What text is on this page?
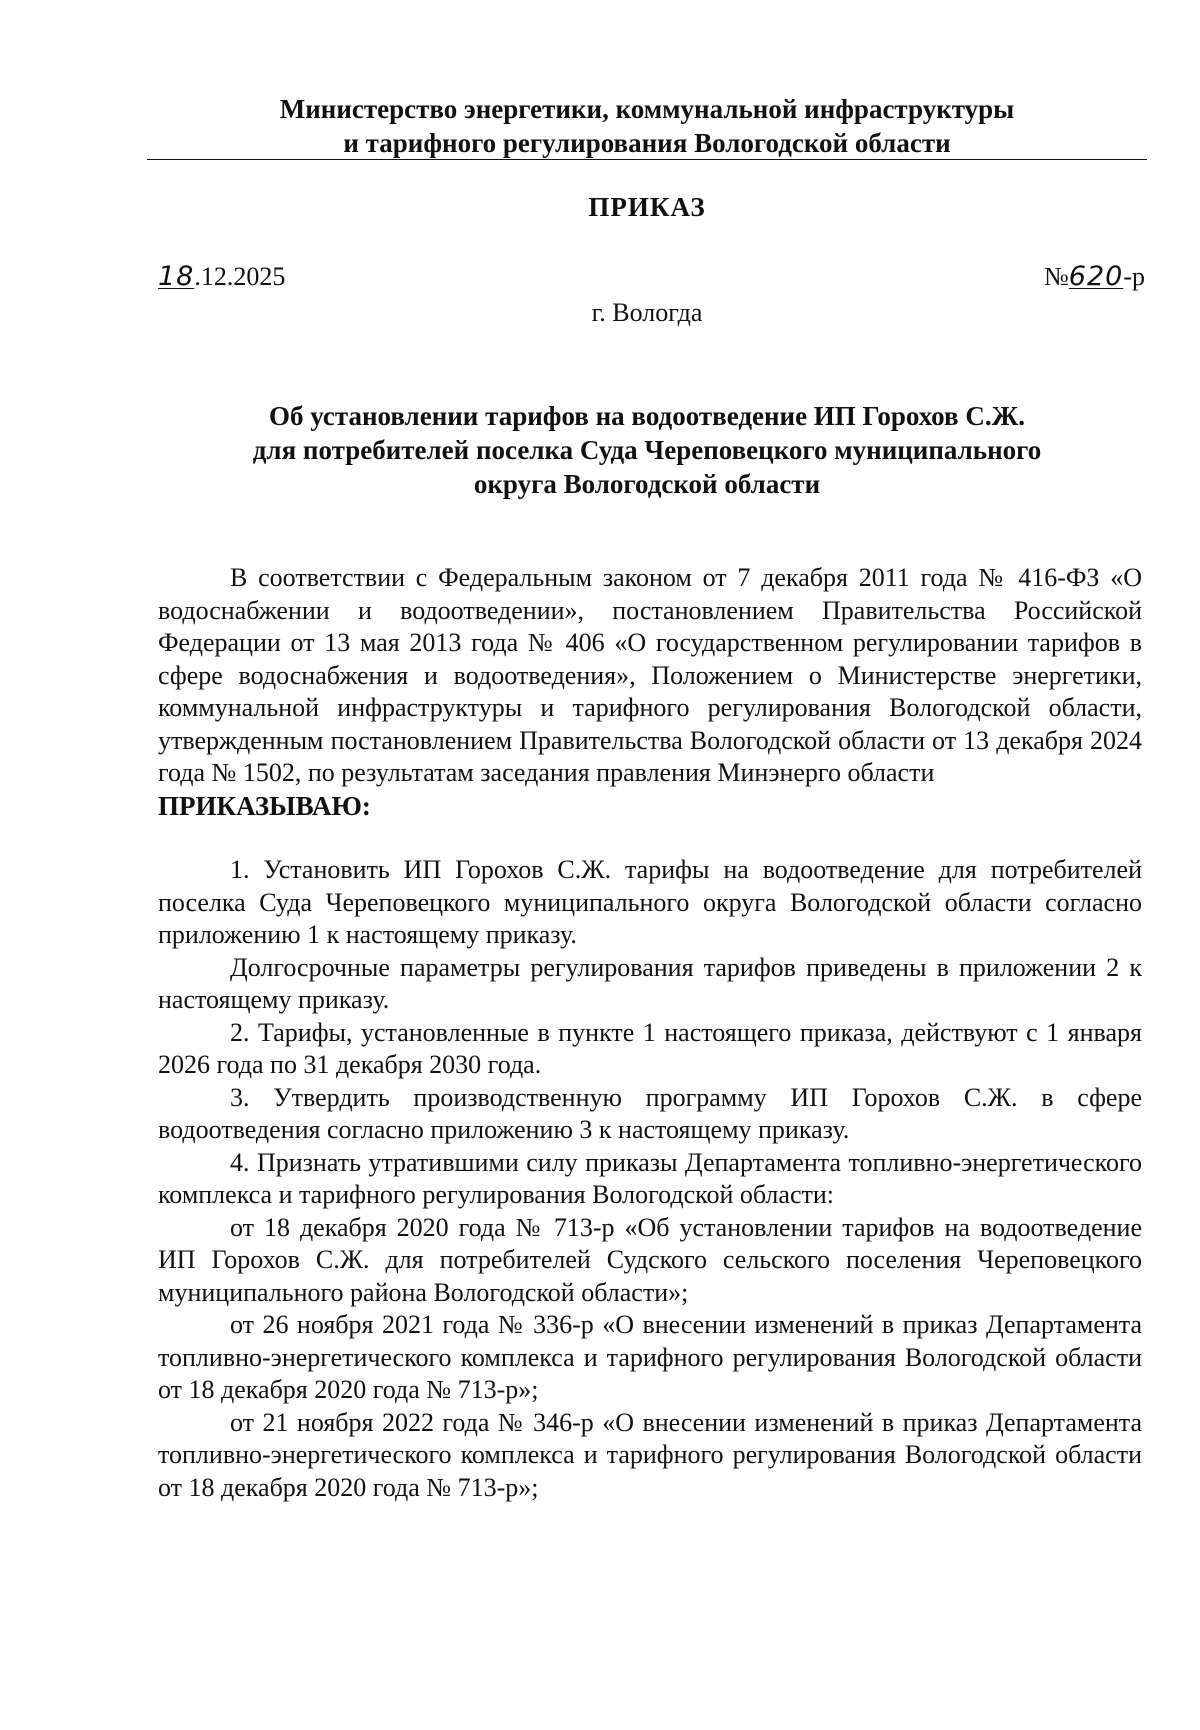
Министерство энергетики, коммунальной инфраструктуры
и тарифного регулирования Вологодской области
ПРИКАЗ
18.12.2025	№620-р
г. Вологда
Об установлении тарифов на водоотведение ИП Горохов С.Ж.
для потребителей поселка Суда Череповецкого муниципального
округа Вологодской области

В соответствии с Федеральным законом от 7 декабря 2011 года № 416-ФЗ «О водоснабжении и водоотведении», постановлением Правительства Российской Федерации от 13 мая 2013 года № 406 «О государственном регулировании тарифов в сфере водоснабжения и водоотведения», Положением о Министерстве энергетики, коммунальной инфраструктуры и тарифного регулирования Вологодской области, утвержденным постановлением Правительства Вологодской области от 13 декабря 2024 года № 1502, по результатам заседания правления Минэнерго области

ПРИКАЗЫВАЮ:

1. Установить ИП Горохов С.Ж. тарифы на водоотведение для потребителей поселка Суда Череповецкого муниципального округа Вологодской области согласно приложению 1 к настоящему приказу.

Долгосрочные параметры регулирования тарифов приведены в приложении 2 к настоящему приказу.

2. Тарифы, установленные в пункте 1 настоящего приказа, действуют с 1 января 2026 года по 31 декабря 2030 года.

3. Утвердить производственную программу ИП Горохов С.Ж. в сфере водоотведения согласно приложению 3 к настоящему приказу.

4. Признать утратившими силу приказы Департамента топливно-энергетического комплекса и тарифного регулирования Вологодской области:

от 18 декабря 2020 года № 713-р «Об установлении тарифов на водоотведение ИП Горохов С.Ж. для потребителей Судского сельского поселения Череповецкого муниципального района Вологодской области»;

от 26 ноября 2021 года № 336-р «О внесении изменений в приказ Департамента топливно-энергетического комплекса и тарифного регулирования Вологодской области от 18 декабря 2020 года № 713-р»;

от 21 ноября 2022 года № 346-р «О внесении изменений в приказ Департамента топливно-энергетического комплекса и тарифного регулирования Вологодской области от 18 декабря 2020 года № 713-р»;
